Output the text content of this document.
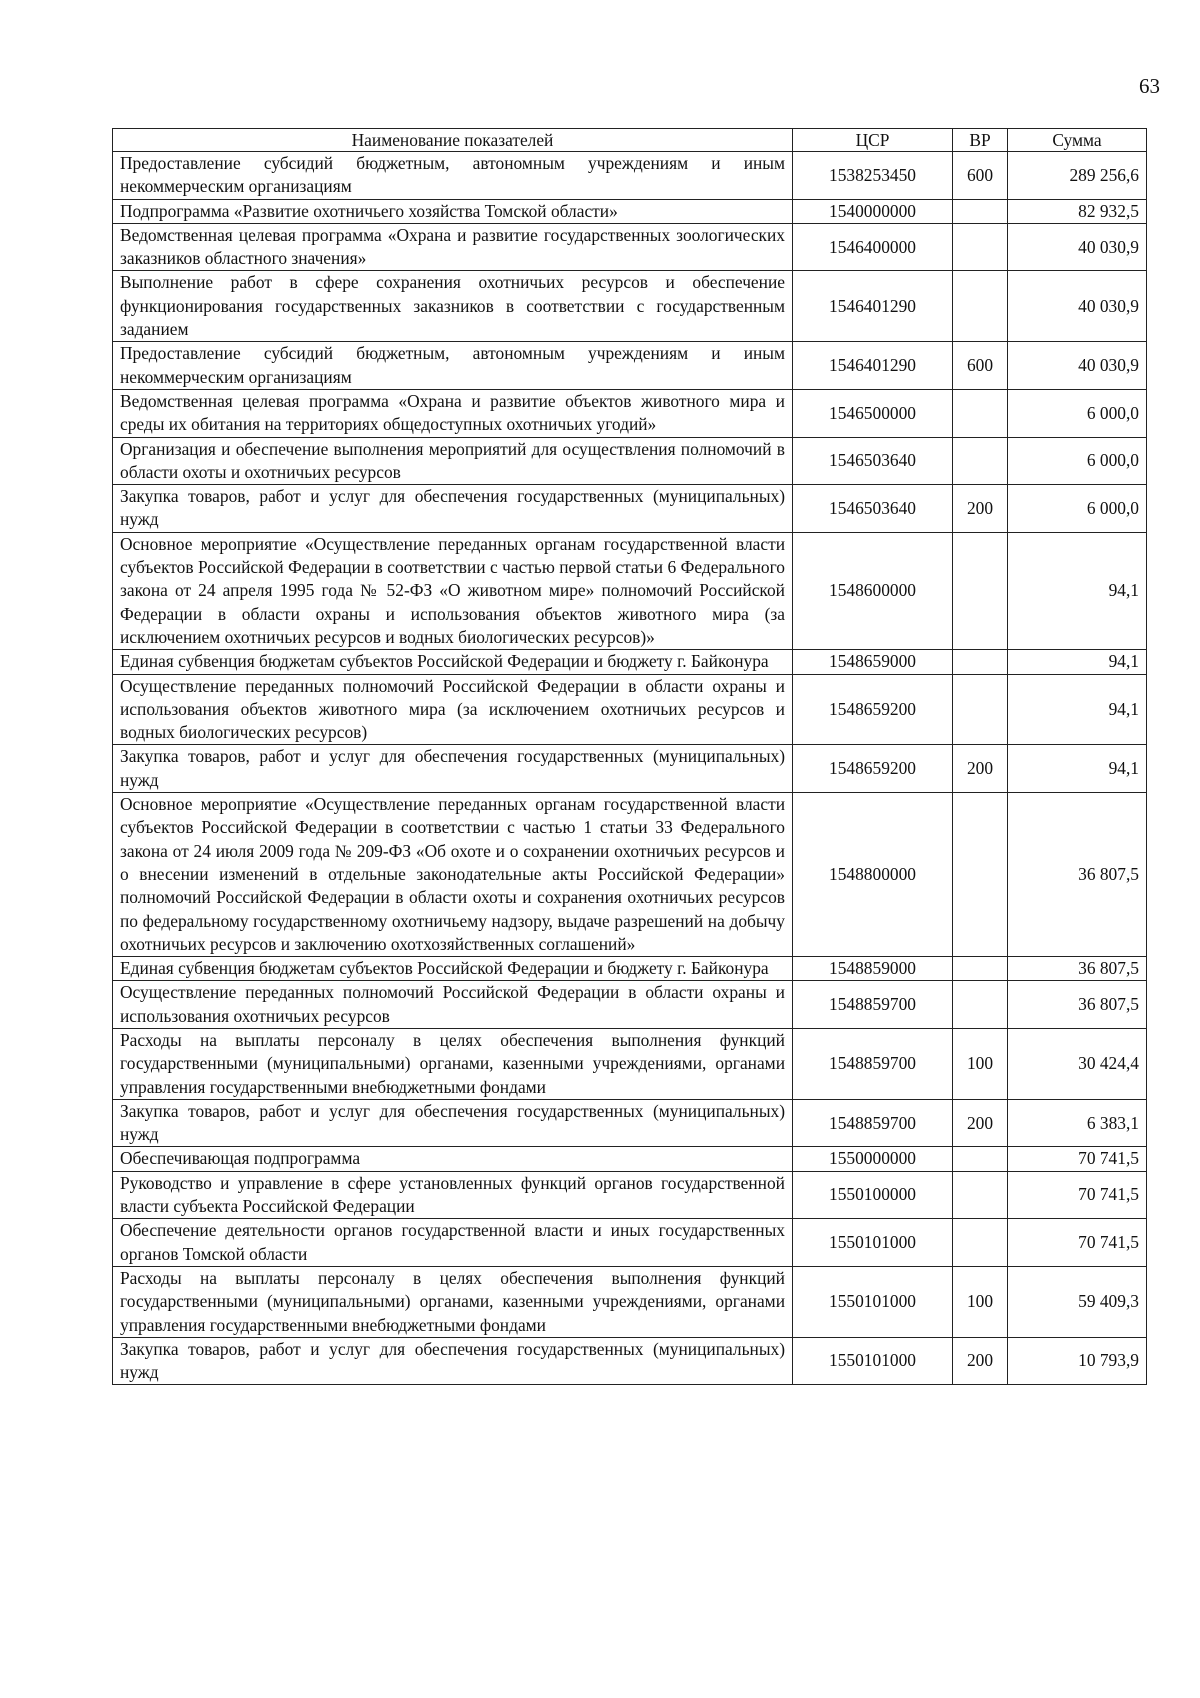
63
Наименование показателей	ЦСР	ВР	Сумма
Предоставление субсидий бюджетным, автономным учреждениям и иным некоммерческим организациям	1538253450	600	289 256,6
Подпрограмма «Развитие охотничьего хозяйства Томской области»	1540000000		82 932,5
Ведомственная целевая программа «Охрана и развитие государственных зоологических заказников областного значения»	1546400000		40 030,9
Выполнение работ в сфере сохранения охотничьих ресурсов и обеспечение функционирования государственных заказников в соответствии с государственным заданием	1546401290		40 030,9
Предоставление субсидий бюджетным, автономным учреждениям и иным некоммерческим организациям	1546401290	600	40 030,9
Ведомственная целевая программа «Охрана и развитие объектов животного мира и среды их обитания на территориях общедоступных охотничьих угодий»	1546500000		6 000,0
Организация и обеспечение выполнения мероприятий для осуществления полномочий в области охоты и охотничьих ресурсов	1546503640		6 000,0
Закупка товаров, работ и услуг для обеспечения государственных (муниципальных) нужд	1546503640	200	6 000,0
Основное мероприятие «Осуществление переданных органам государственной власти субъектов Российской Федерации в соответствии с частью первой статьи 6 Федерального закона от 24 апреля 1995 года № 52-ФЗ «О животном мире» полномочий Российской Федерации в области охраны и использования объектов животного мира (за исключением охотничьих ресурсов и водных биологических ресурсов)»	1548600000		94,1
Единая субвенция бюджетам субъектов Российской Федерации и бюджету г. Байконура	1548659000		94,1
Осуществление переданных полномочий Российской Федерации в области охраны и использования объектов животного мира (за исключением охотничьих ресурсов и водных биологических ресурсов)	1548659200		94,1
Закупка товаров, работ и услуг для обеспечения государственных (муниципальных) нужд	1548659200	200	94,1
Основное мероприятие «Осуществление переданных органам государственной власти субъектов Российской Федерации в соответствии с частью 1 статьи 33 Федерального закона от 24 июля 2009 года № 209-ФЗ «Об охоте и о сохранении охотничьих ресурсов и о внесении изменений в отдельные законодательные акты Российской Федерации» полномочий Российской Федерации в области охоты и сохранения охотничьих ресурсов по федеральному государственному охотничьему надзору, выдаче разрешений на добычу охотничьих ресурсов и заключению охотхозяйственных соглашений»	1548800000		36 807,5
Единая субвенция бюджетам субъектов Российской Федерации и бюджету г. Байконура	1548859000		36 807,5
Осуществление переданных полномочий Российской Федерации в области охраны и использования охотничьих ресурсов	1548859700		36 807,5
Расходы на выплаты персоналу в целях обеспечения выполнения функций государственными (муниципальными) органами, казенными учреждениями, органами управления государственными внебюджетными фондами	1548859700	100	30 424,4
Закупка товаров, работ и услуг для обеспечения государственных (муниципальных) нужд	1548859700	200	6 383,1
Обеспечивающая подпрограмма	1550000000		70 741,5
Руководство и управление в сфере установленных функций органов государственной власти субъекта Российской Федерации	1550100000		70 741,5
Обеспечение деятельности органов государственной власти и иных государственных органов Томской области	1550101000		70 741,5
Расходы на выплаты персоналу в целях обеспечения выполнения функций государственными (муниципальными) органами, казенными учреждениями, органами управления государственными внебюджетными фондами	1550101000	100	59 409,3
Закупка товаров, работ и услуг для обеспечения государственных (муниципальных) нужд	1550101000	200	10 793,9
